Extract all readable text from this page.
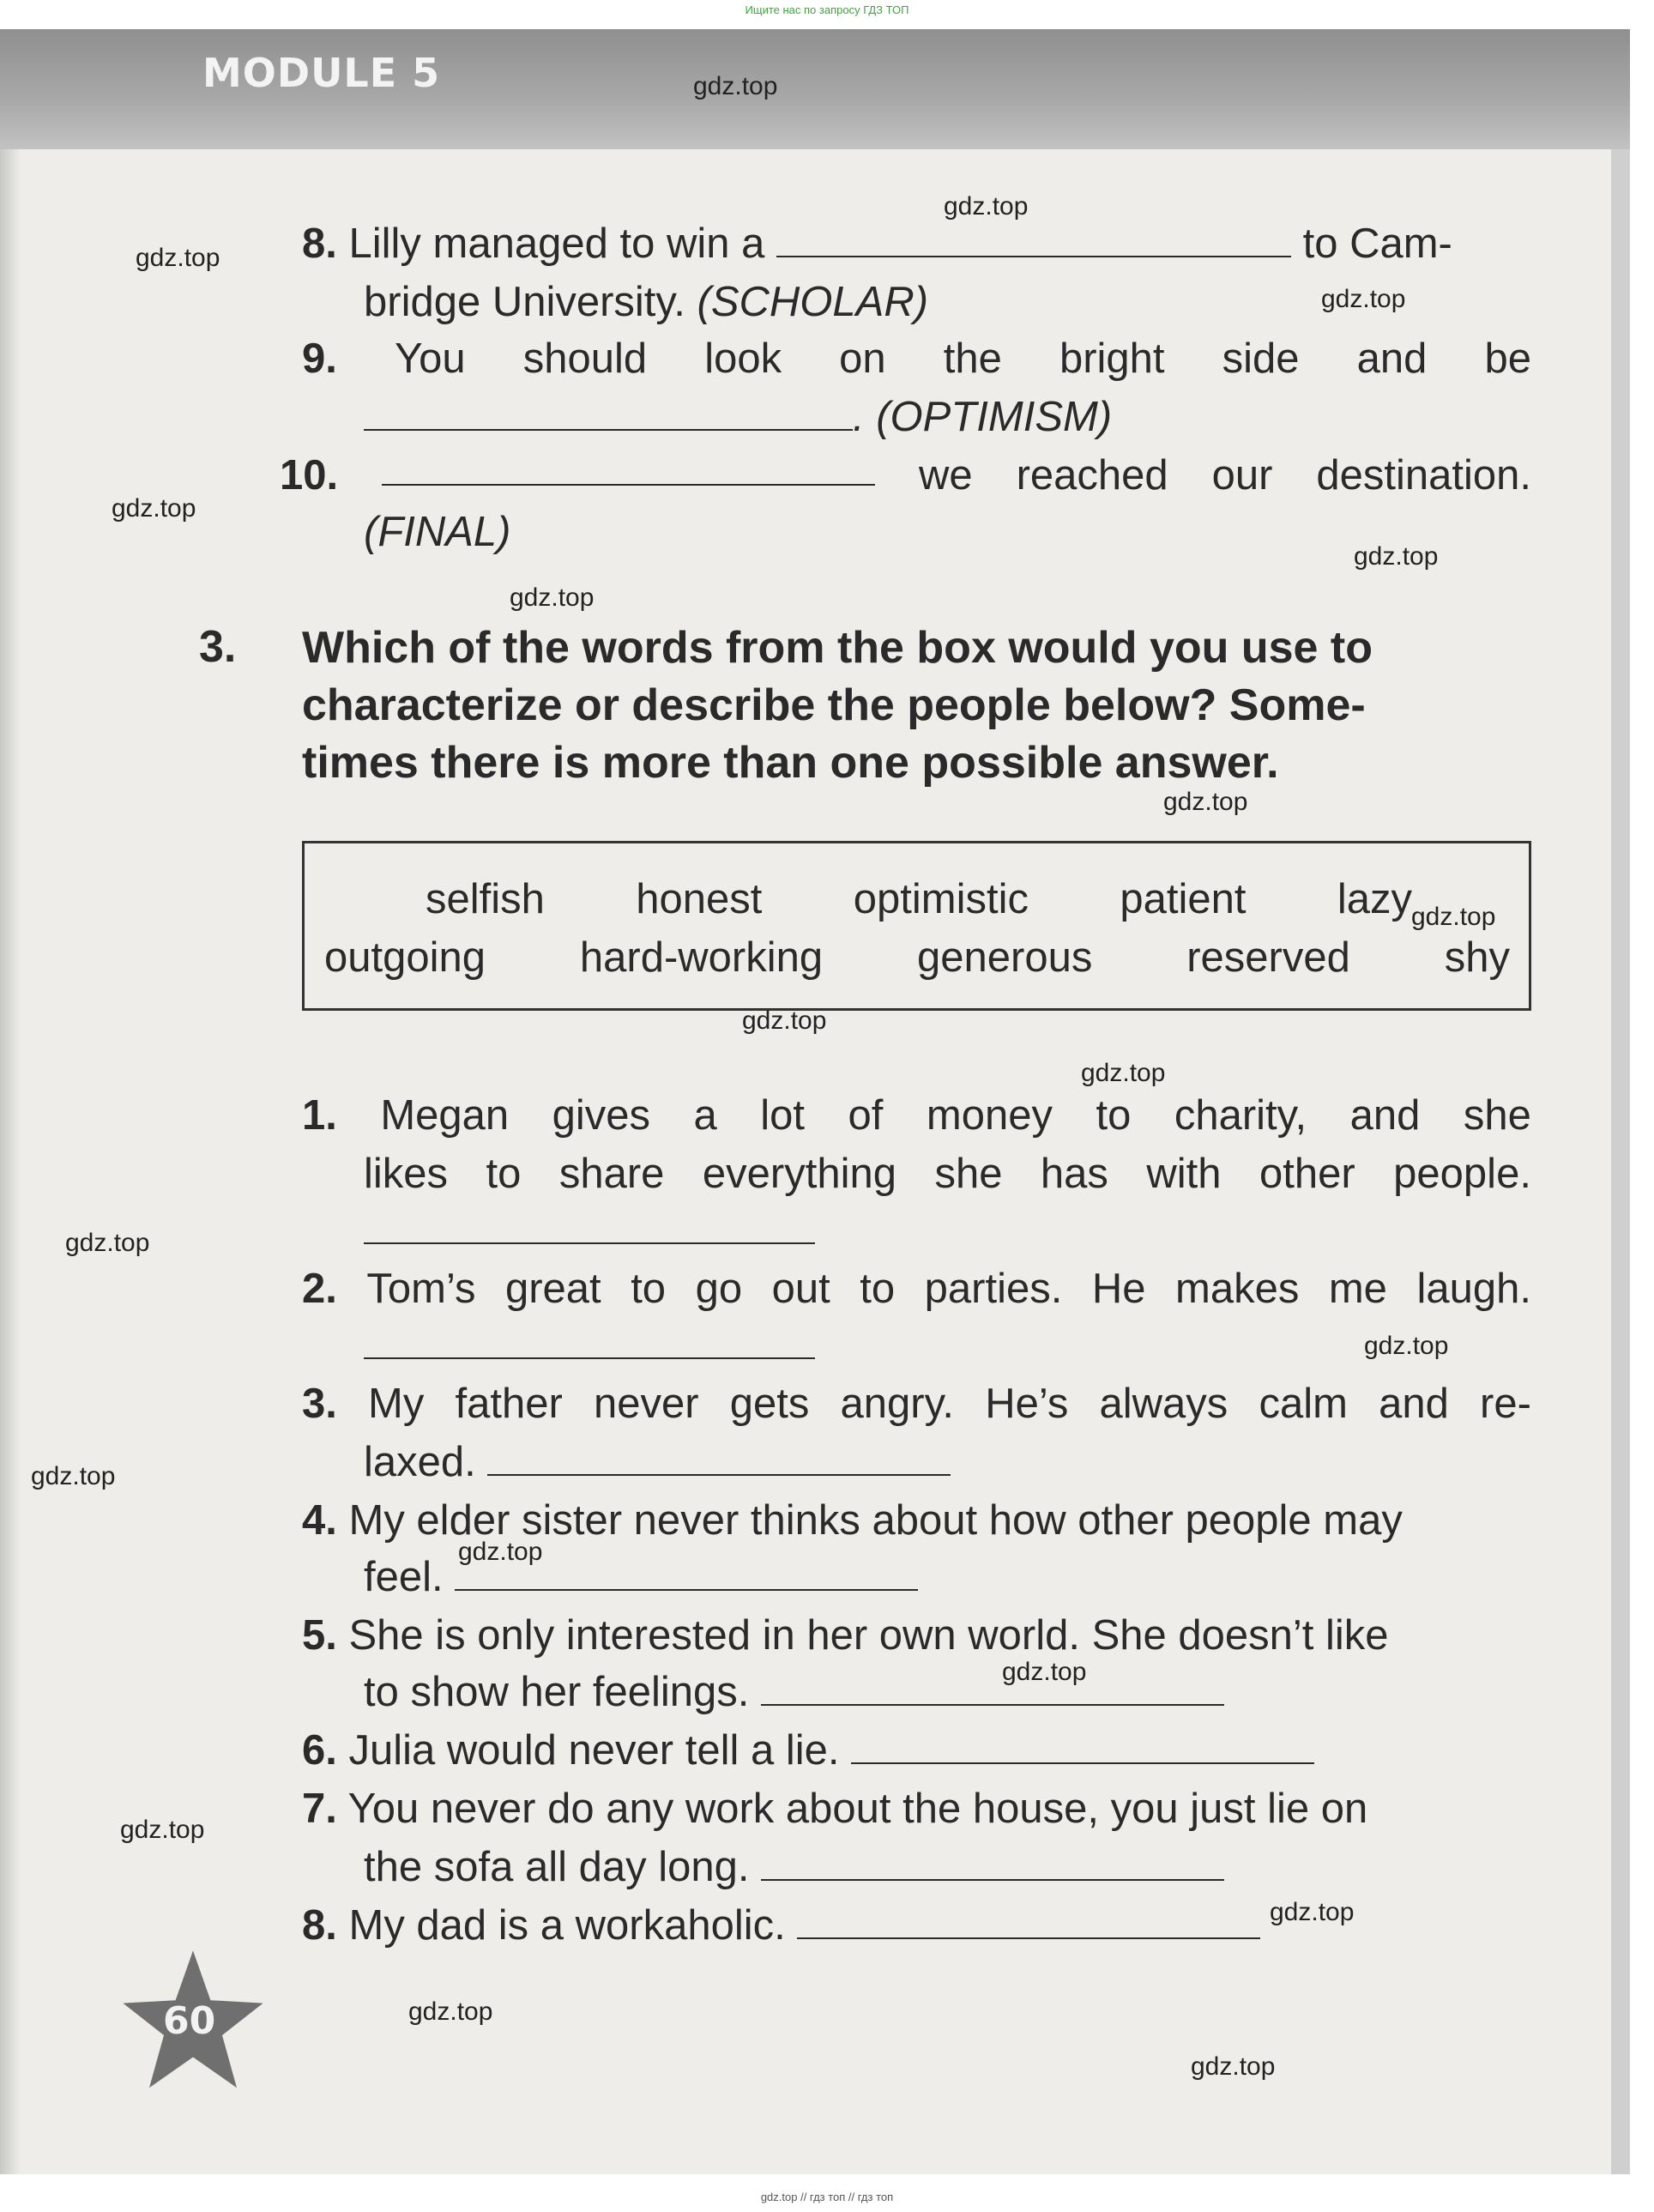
Ищите нас по запросу ГДЗ ТОП
MODULE 5
8. Lilly managed to win a	to Cam-
bridge University. (SCHOLAR)
9. You should look on the bright side and be
. (OPTIMISM)
10.	we reached our destination.
(FINAL)
3. Which of the words from the box would you use to
characterize or describe the people below? Some-
times there is more than one possible answer.
selfish honest optimistic patient lazy
outgoing hard-working generous reserved shy
1. Megan gives a lot of money to charity, and she
likes to share everything she has with other people.
2. Tom’s great to go out to parties. He makes me laugh.
3. My father never gets angry. He’s always calm and re-
laxed.
4. My elder sister never thinks about how other people may
feel.
5. She is only interested in her own world. She doesn’t like
to show her feelings.
6. Julia would never tell a lie.
7. You never do any work about the house, you just lie on
the sofa all day long.
8. My dad is a workaholic.
60
gdz.top
gdz.top
gdz.top
gdz.top
gdz.top
gdz.top
gdz.top
gdz.top
gdz.top
gdz.top
gdz.top
gdz.top
gdz.top
gdz.top
gdz.top
gdz.top
gdz.top
gdz.top
gdz.top
gdz.top
gdz.top // гдз топ // гдз топ
